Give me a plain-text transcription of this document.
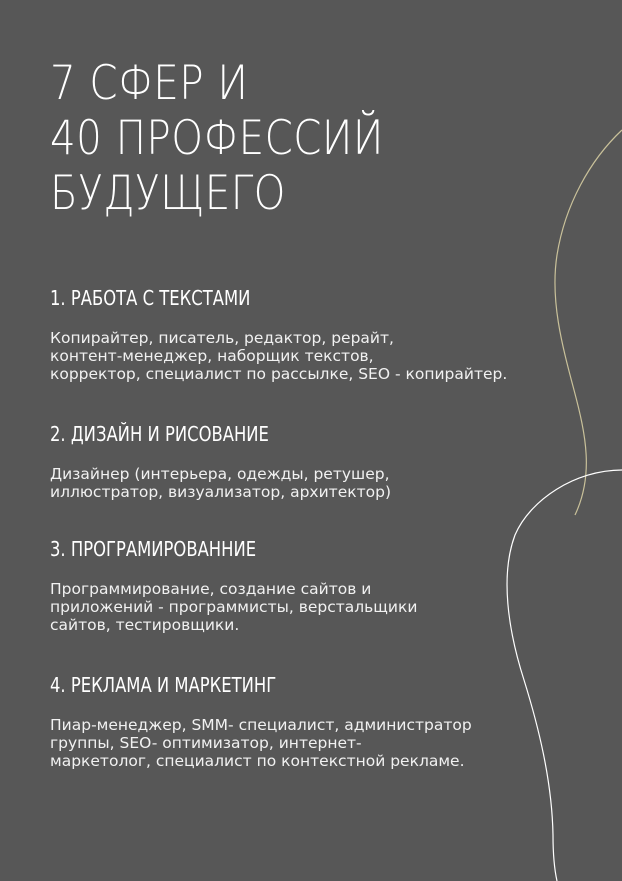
7 СФЕР И
40 ПРОФЕССИЙ
БУДУЩЕГО
1. РАБОТА С ТЕКСТАМИ

Копирайтер, писатель, редактор, рерайт,
контент-менеджер, наборщик текстов,
корректор, специалист по рассылке, SEO - копирайтер.

2. ДИЗАЙН И РИСОВАНИЕ

Дизайнер (интерьера, одежды, ретушер,
иллюстратор, визуализатор, архитектор)

3. ПРОГРАМИРОВАННИЕ

Программирование, создание сайтов и
приложений - программисты, верстальщики
сайтов, тестировщики.

4. РЕКЛАМА И МАРКЕТИНГ

Пиар-менеджер, SMM- специалист, администратор
группы, SEO- оптимизатор, интернет-
маркетолог, специалист по контекстной рекламе.
